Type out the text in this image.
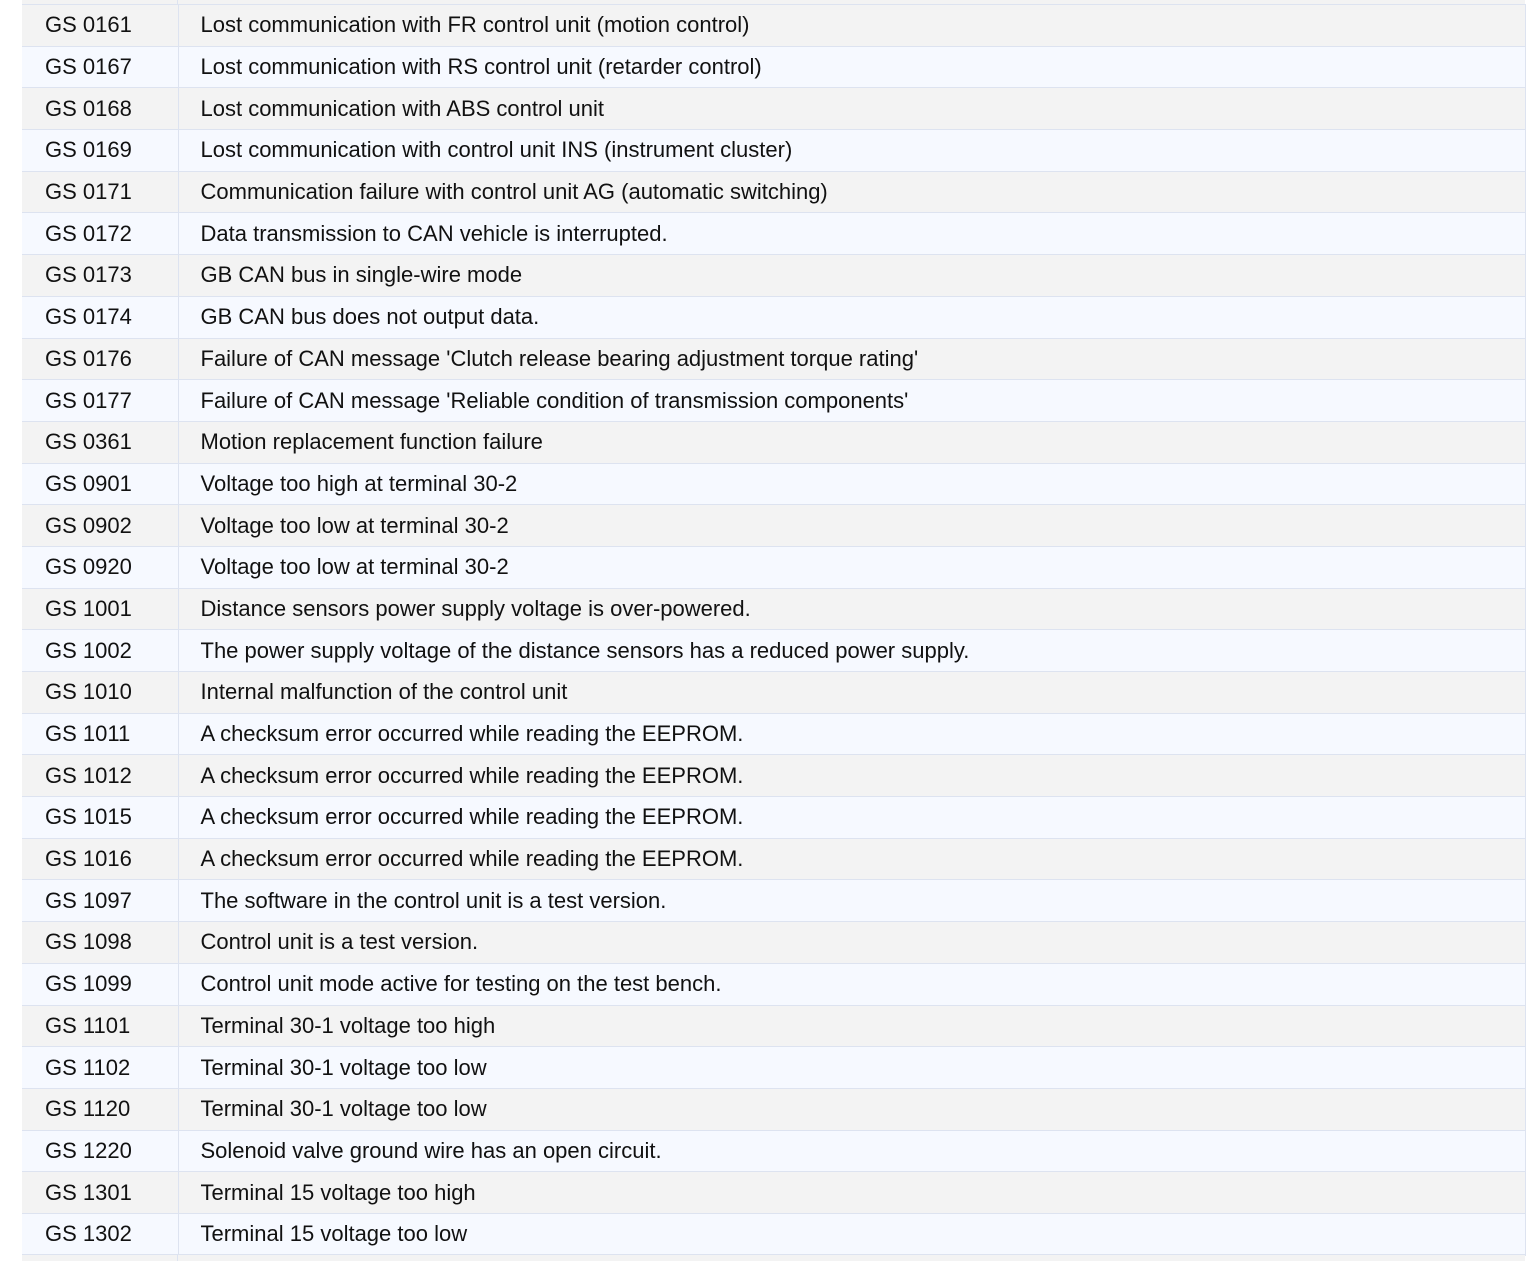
GS 0161	Lost communication with FR control unit (motion control)
GS 0167	Lost communication with RS control unit (retarder control)
GS 0168	Lost communication with ABS control unit
GS 0169	Lost communication with control unit INS (instrument cluster)
GS 0171	Communication failure with control unit AG (automatic switching)
GS 0172	Data transmission to CAN vehicle is interrupted.
GS 0173	GB CAN bus in single-wire mode
GS 0174	GB CAN bus does not output data.
GS 0176	Failure of CAN message 'Clutch release bearing adjustment torque rating'
GS 0177	Failure of CAN message 'Reliable condition of transmission components'
GS 0361	Motion replacement function failure
GS 0901	Voltage too high at terminal 30-2
GS 0902	Voltage too low at terminal 30-2
GS 0920	Voltage too low at terminal 30-2
GS 1001	Distance sensors power supply voltage is over-powered.
GS 1002	The power supply voltage of the distance sensors has a reduced power supply.
GS 1010	Internal malfunction of the control unit
GS 1011	A checksum error occurred while reading the EEPROM.
GS 1012	A checksum error occurred while reading the EEPROM.
GS 1015	A checksum error occurred while reading the EEPROM.
GS 1016	A checksum error occurred while reading the EEPROM.
GS 1097	The software in the control unit is a test version.
GS 1098	Control unit is a test version.
GS 1099	Control unit mode active for testing on the test bench.
GS 1101	Terminal 30-1 voltage too high
GS 1102	Terminal 30-1 voltage too low
GS 1120	Terminal 30-1 voltage too low
GS 1220	Solenoid valve ground wire has an open circuit.
GS 1301	Terminal 15 voltage too high
GS 1302	Terminal 15 voltage too low
